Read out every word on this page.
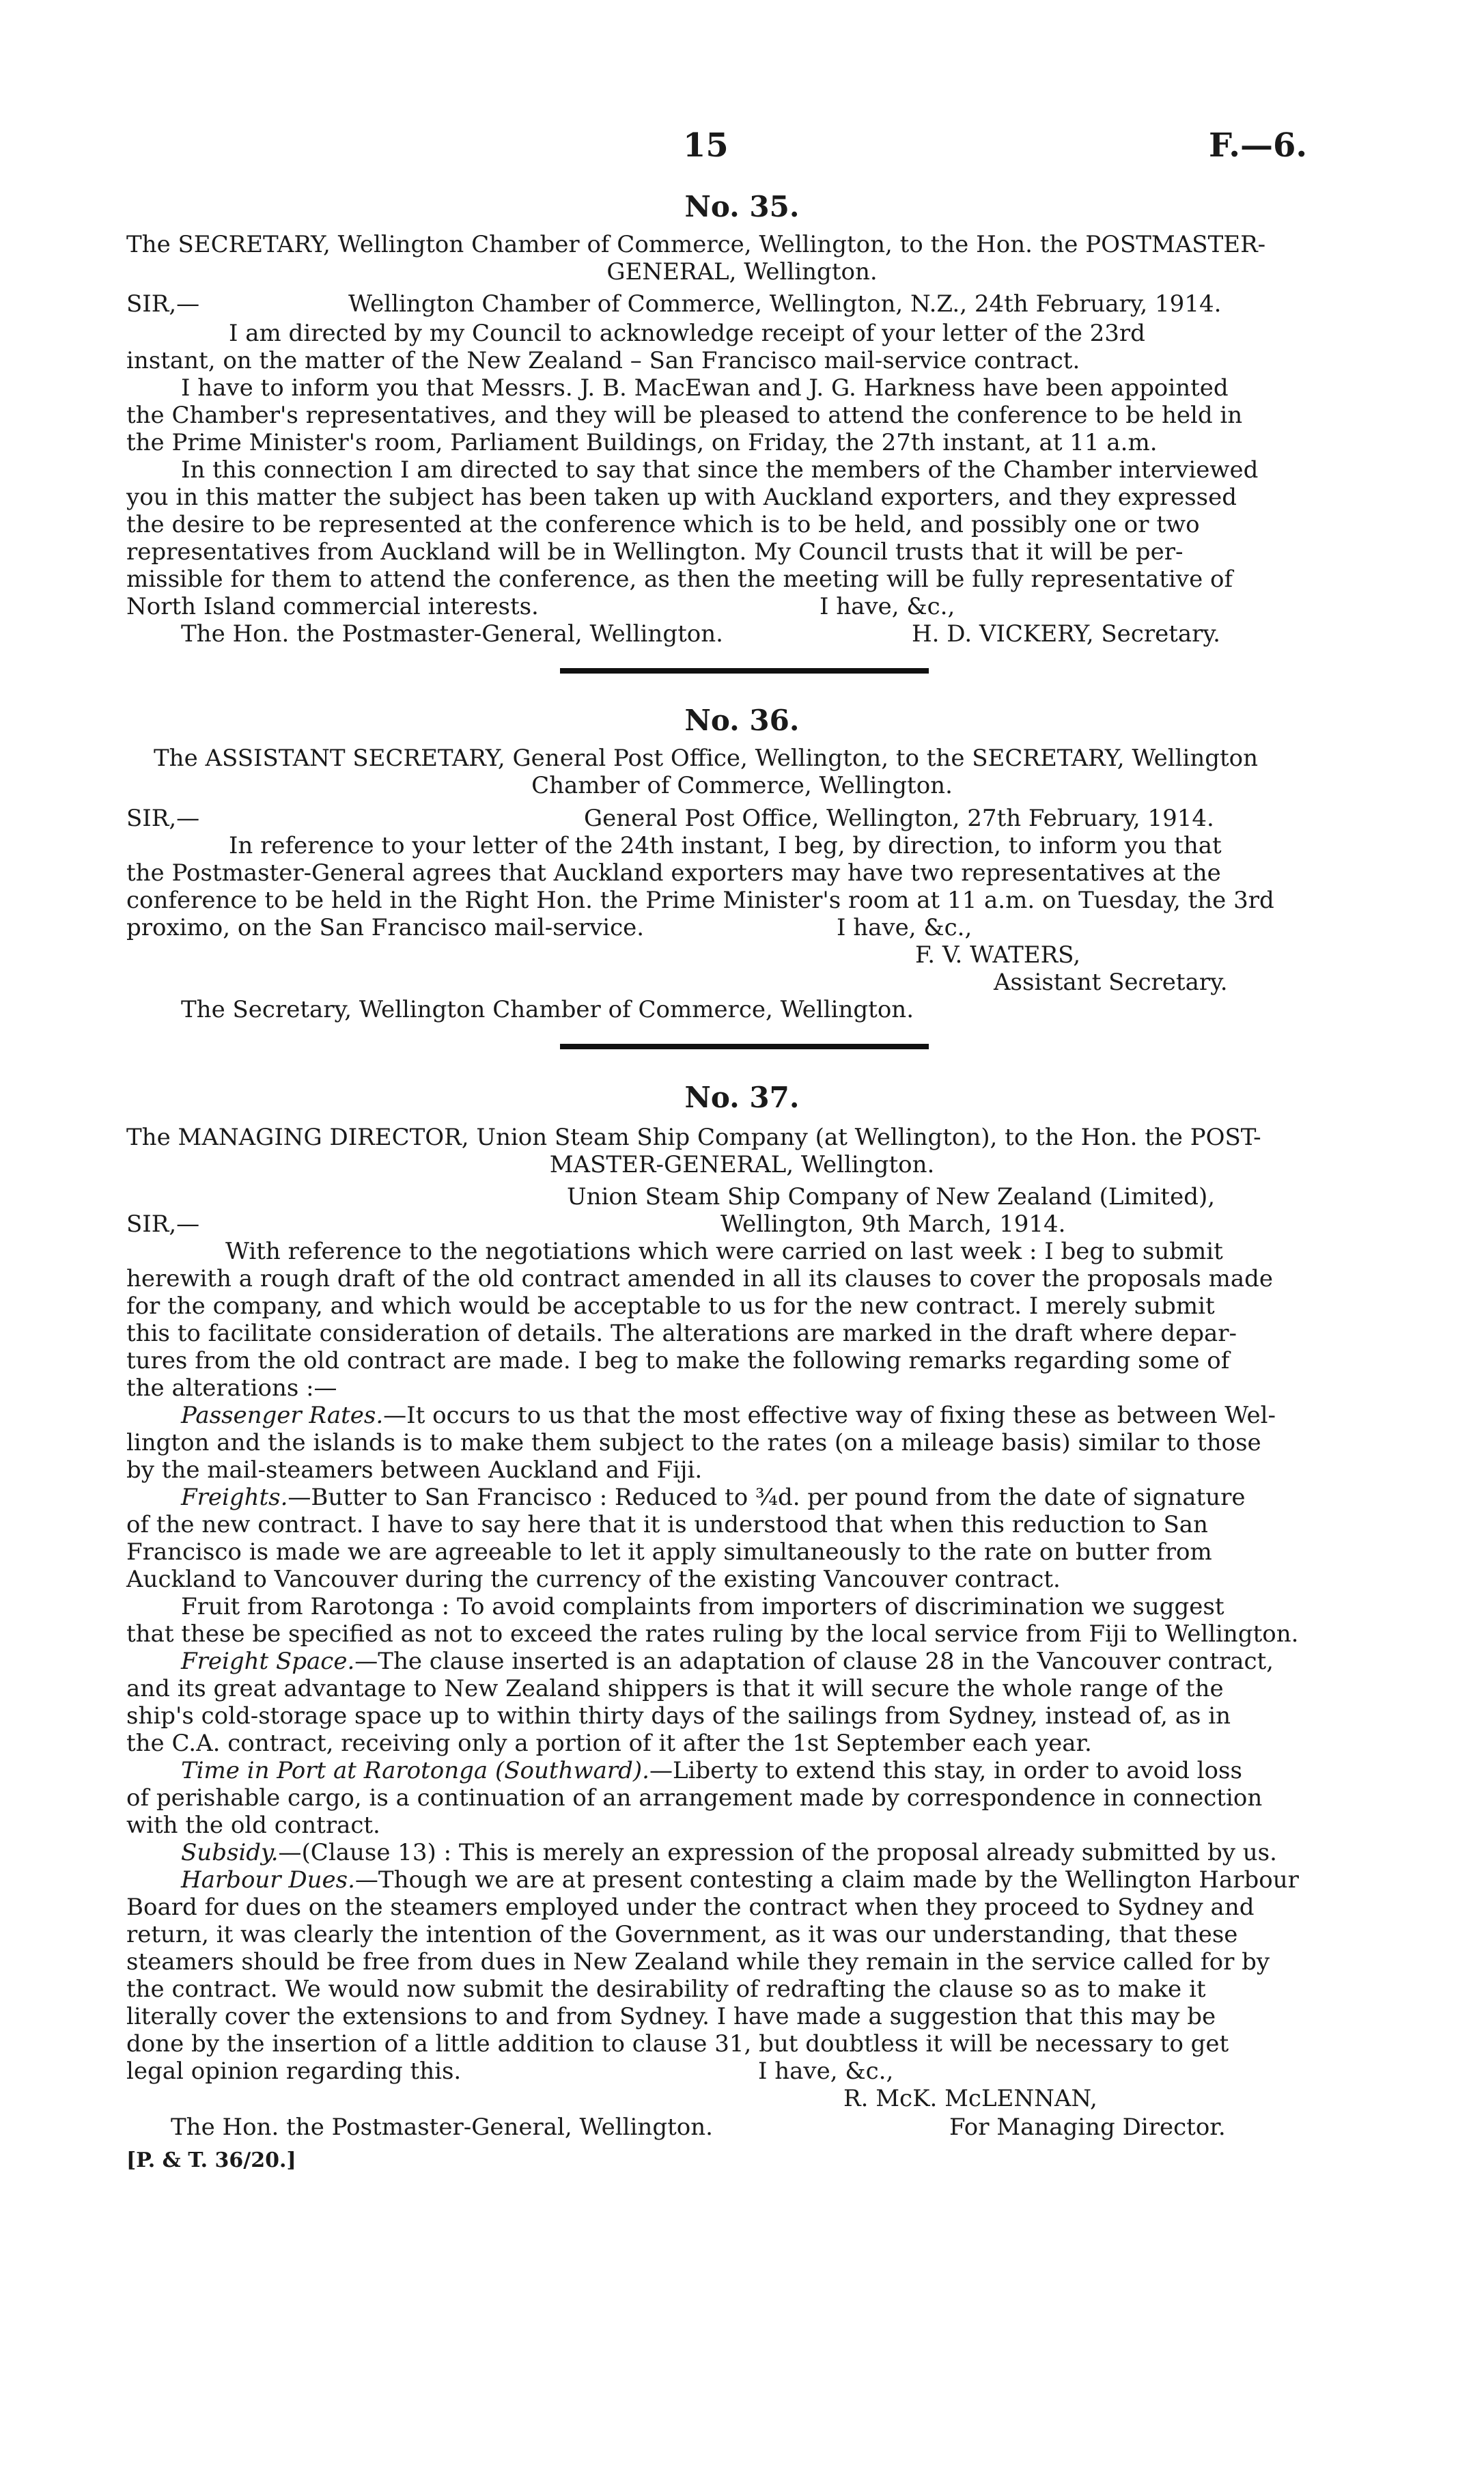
15	F.—6.
No. 35.
The SECRETARY, Wellington Chamber of Commerce, Wellington, to the Hon. the POSTMASTER-
GENERAL, Wellington.
SIR,—	Wellington Chamber of Commerce, Wellington, N.Z., 24th February, 1914.
I am directed by my Council to acknowledge receipt of your letter of the 23rd
instant, on the matter of the New Zealand – San Francisco mail-service contract.
I have to inform you that Messrs. J. B. MacEwan and J. G. Harkness have been appointed
the Chamber's representatives, and they will be pleased to attend the conference to be held in
the Prime Minister's room, Parliament Buildings, on Friday, the 27th instant, at 11 a.m.
In this connection I am directed to say that since the members of the Chamber interviewed
you in this matter the subject has been taken up with Auckland exporters, and they expressed
the desire to be represented at the conference which is to be held, and possibly one or two
representatives from Auckland will be in Wellington. My Council trusts that it will be per-
missible for them to attend the conference, as then the meeting will be fully representative of
North Island commercial interests.	I have, &c.,
The Hon. the Postmaster-General, Wellington.	H. D. VICKERY, Secretary.
No. 36.
The ASSISTANT SECRETARY, General Post Office, Wellington, to the SECRETARY, Wellington
Chamber of Commerce, Wellington.
SIR,—	General Post Office, Wellington, 27th February, 1914.
In reference to your letter of the 24th instant, I beg, by direction, to inform you that
the Postmaster-General agrees that Auckland exporters may have two representatives at the
conference to be held in the Right Hon. the Prime Minister's room at 11 a.m. on Tuesday, the 3rd
proximo, on the San Francisco mail-service.	I have, &c.,
F. V. WATERS,
Assistant Secretary.
The Secretary, Wellington Chamber of Commerce, Wellington.
No. 37.
The MANAGING DIRECTOR, Union Steam Ship Company (at Wellington), to the Hon. the POST-
MASTER-GENERAL, Wellington.
Union Steam Ship Company of New Zealand (Limited),
SIR,—	Wellington, 9th March, 1914.
With reference to the negotiations which were carried on last week : I beg to submit
herewith a rough draft of the old contract amended in all its clauses to cover the proposals made
for the company, and which would be acceptable to us for the new contract. I merely submit
this to facilitate consideration of details. The alterations are marked in the draft where depar-
tures from the old contract are made. I beg to make the following remarks regarding some of
the alterations :—
Passenger Rates.—It occurs to us that the most effective way of fixing these as between Wel-
lington and the islands is to make them subject to the rates (on a mileage basis) similar to those
by the mail-steamers between Auckland and Fiji.
Freights.—Butter to San Francisco : Reduced to ¾d. per pound from the date of signature
of the new contract. I have to say here that it is understood that when this reduction to San
Francisco is made we are agreeable to let it apply simultaneously to the rate on butter from
Auckland to Vancouver during the currency of the existing Vancouver contract.
Fruit from Rarotonga : To avoid complaints from importers of discrimination we suggest
that these be specified as not to exceed the rates ruling by the local service from Fiji to Wellington.
Freight Space.—The clause inserted is an adaptation of clause 28 in the Vancouver contract,
and its great advantage to New Zealand shippers is that it will secure the whole range of the
ship's cold-storage space up to within thirty days of the sailings from Sydney, instead of, as in
the C.A. contract, receiving only a portion of it after the 1st September each year.
Time in Port at Rarotonga (Southward).—Liberty to extend this stay, in order to avoid loss
of perishable cargo, is a continuation of an arrangement made by correspondence in connection
with the old contract.
Subsidy.—(Clause 13) : This is merely an expression of the proposal already submitted by us.
Harbour Dues.—Though we are at present contesting a claim made by the Wellington Harbour
Board for dues on the steamers employed under the contract when they proceed to Sydney and
return, it was clearly the intention of the Government, as it was our understanding, that these
steamers should be free from dues in New Zealand while they remain in the service called for by
the contract. We would now submit the desirability of redrafting the clause so as to make it
literally cover the extensions to and from Sydney. I have made a suggestion that this may be
done by the insertion of a little addition to clause 31, but doubtless it will be necessary to get
legal opinion regarding this.	I have, &c.,
R. McK. McLENNAN,
The Hon. the Postmaster-General, Wellington.	For Managing Director.
[P. & T. 36/20.]
